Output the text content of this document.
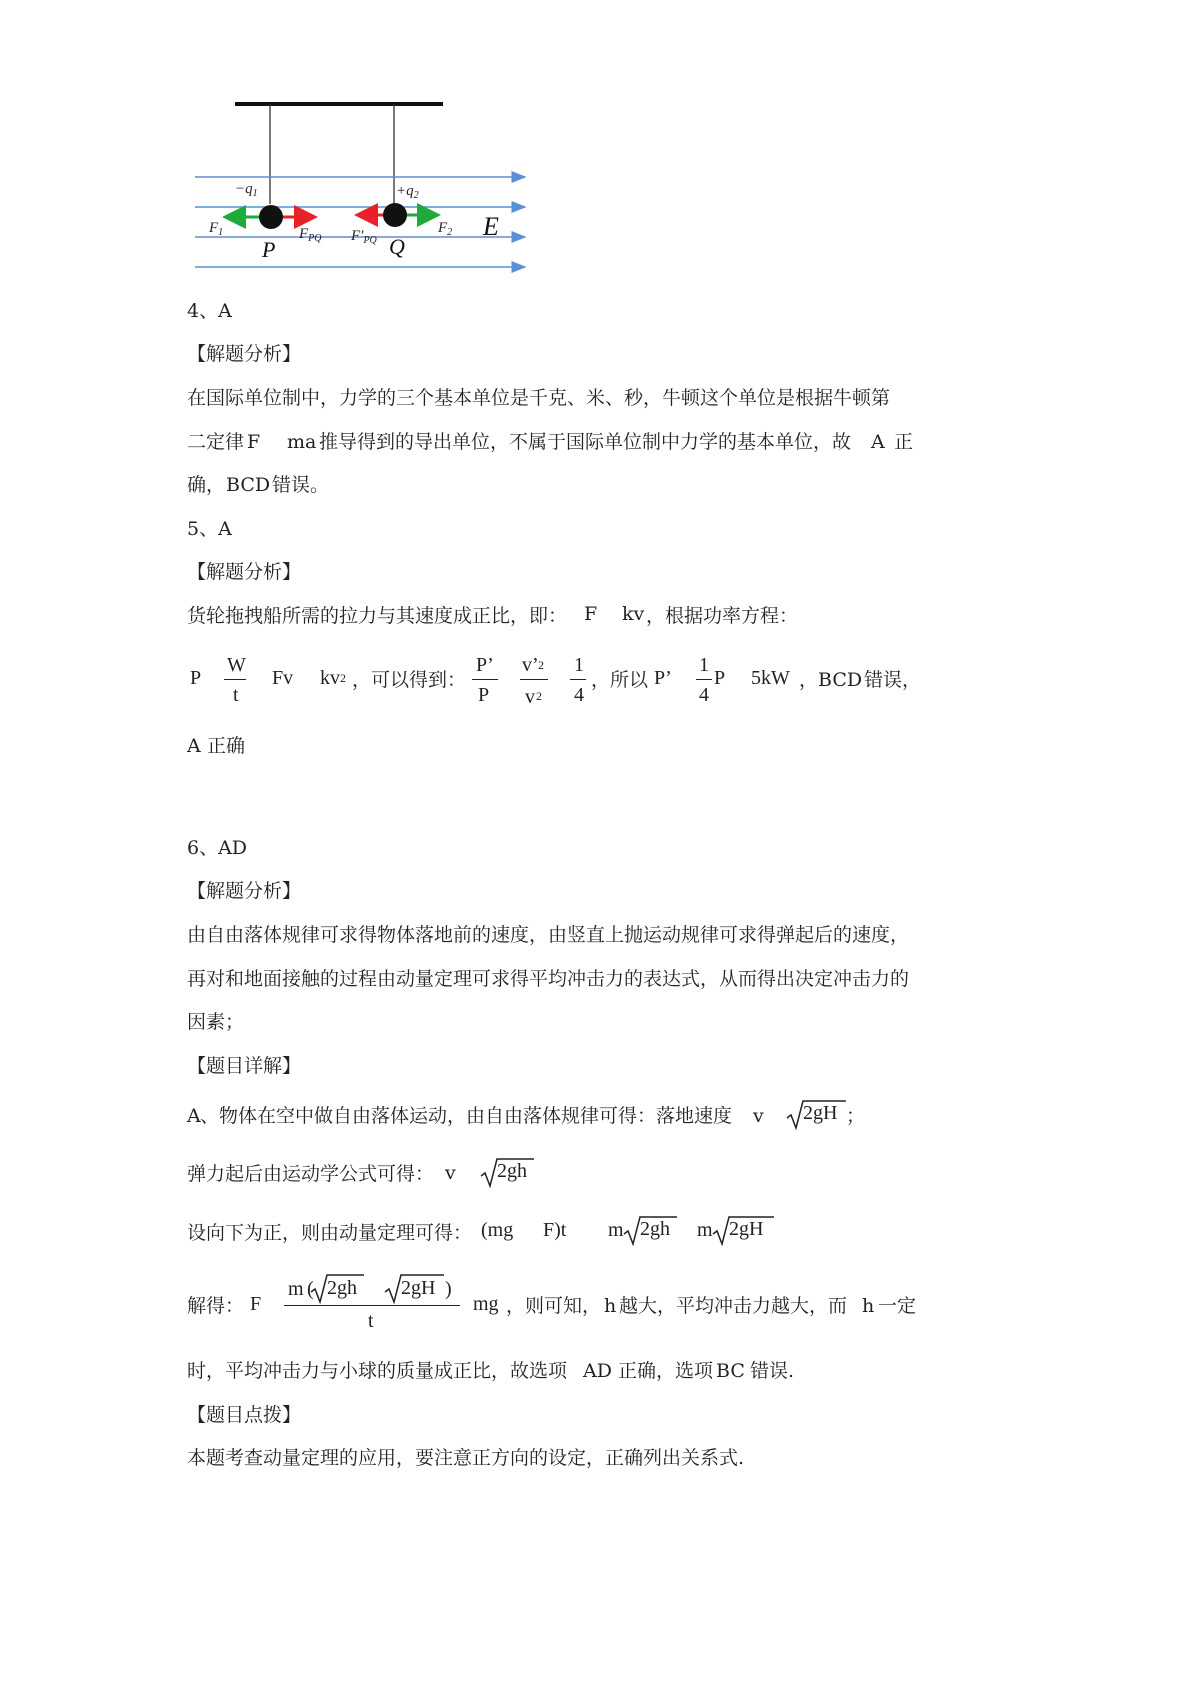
$-q_1$	$+q_2$
$F_1$	$F_{PQ}$ $F'_{PQ}$
$F_2$
P	Q
E
4、A
【解题分析】
在国际单位制中，力学的三个基本单位是千克、米、秒，牛顿这个单位是根据牛顿第
二定律 F ma 推导得到的导出单位，不属于国际单位制中力学的基本单位，故 A 正
确， BCD 错误。
5、A
【解题分析】
货轮拖拽船所需的拉力与其速度成正比，即： F kv ，根据功率方程：
P
W
t
Fv kv 2 ，可以得到：
P’
P
v’ 2
v 2
1
4
，所以 P’
1
4
P 5kW ，BCD 错误，
A 正确
6、AD
【解题分析】
由自由落体规律可求得物体落地前的速度，由竖直上抛运动规律可求得弹起后的速度，
再对和地面接触的过程由动量定理可求得平均冲击力的表达式，从而得出决定冲击力的
因素；
【题目详解】
A 、物体在空中做自由落体运动，由自由落体规律可得：落地速度 v 2gH ；
弹力起后由运动学公式可得： v 2gh
设向下为正，则由动量定理可得： (mg F)t m 2gh m 2gH
解得： F
m ( 2gh 2gH )
t
mg ，则可知， h 越大，平均冲击力越大，而 h 一定
时，平均冲击力与小球的质量成正比，故选项 AD 正确，选项 BC 错误.
【题目点拨】
本题考查动量定理的应用，要注意正方向的设定，正确列出关系式.
